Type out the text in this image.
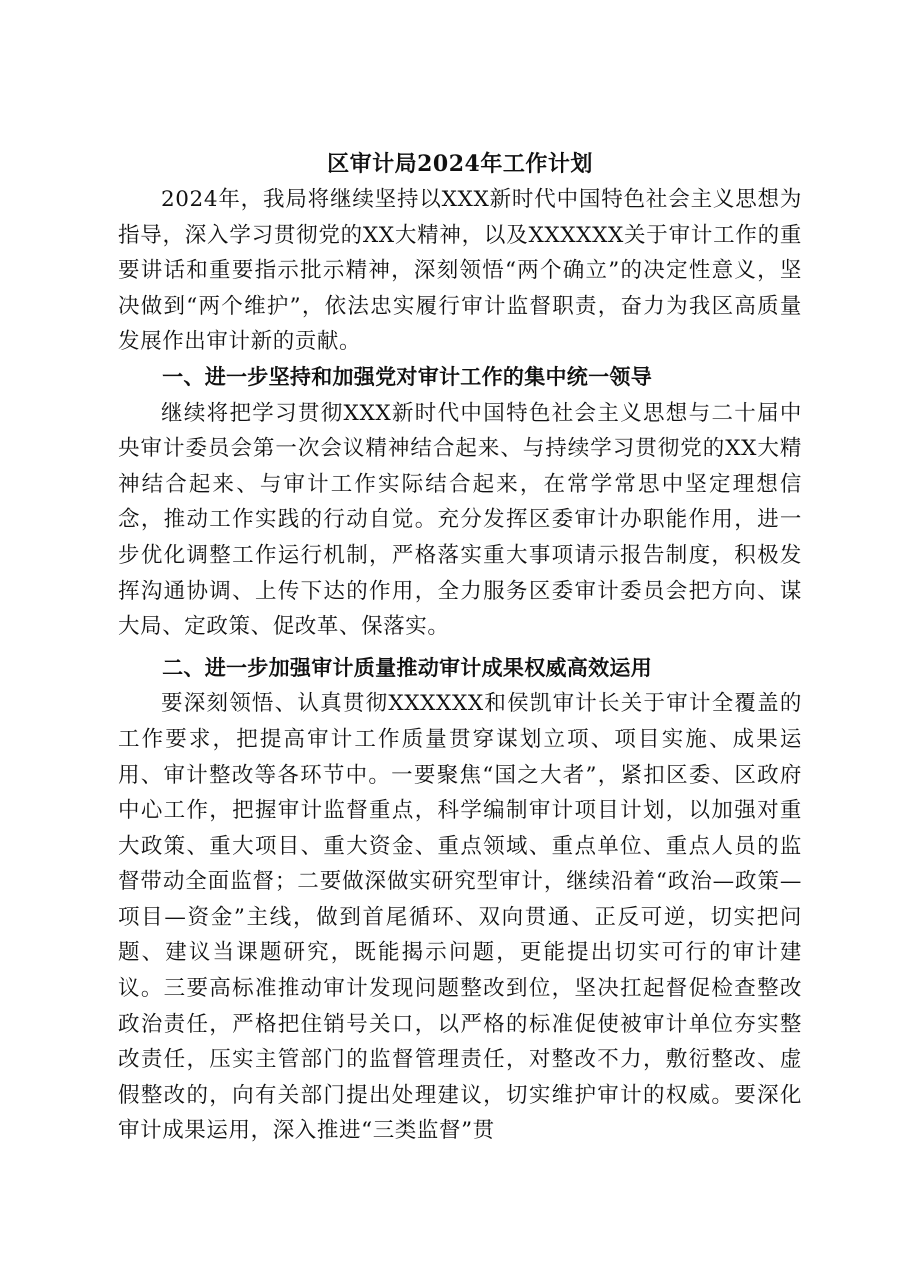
区审计局2024年工作计划

2024年，我局将继续坚持以XXX新时代中国特色社会主义思想为指导，深入学习贯彻党的XX大精神，以及XXXXXX关于审计工作的重要讲话和重要指示批示精神，深刻领悟“两个确立”的决定性意义，坚决做到“两个维护”，依法忠实履行审计监督职责，奋力为我区高质量发展作出审计新的贡献。

一、进一步坚持和加强党对审计工作的集中统一领导

继续将把学习贯彻XXX新时代中国特色社会主义思想与二十届中央审计委员会第一次会议精神结合起来、与持续学习贯彻党的XX大精神结合起来、与审计工作实际结合起来，在常学常思中坚定理想信念，推动工作实践的行动自觉。充分发挥区委审计办职能作用，进一步优化调整工作运行机制，严格落实重大事项请示报告制度，积极发挥沟通协调、上传下达的作用，全力服务区委审计委员会把方向、谋大局、定政策、促改革、保落实。

二、进一步加强审计质量推动审计成果权威高效运用

要深刻领悟、认真贯彻XXXXXX和侯凯审计长关于审计全覆盖的工作要求，把提高审计工作质量贯穿谋划立项、项目实施、成果运用、审计整改等各环节中。一要聚焦“国之大者”，紧扣区委、区政府中心工作，把握审计监督重点，科学编制审计项目计划，以加强对重大政策、重大项目、重大资金、重点领域、重点单位、重点人员的监督带动全面监督；二要做深做实研究型审计，继续沿着“政治—政策—项目—资金”主线，做到首尾循环、双向贯通、正反可逆，切实把问题、建议当课题研究，既能揭示问题，更能提出切实可行的审计建议。三要高标准推动审计发现问题整改到位，坚决扛起督促检查整改政治责任，严格把住销号关口，以严格的标准促使被审计单位夯实整改责任，压实主管部门的监督管理责任，对整改不力，敷衍整改、虚假整改的，向有关部门提出处理建议，切实维护审计的权威。要深化审计成果运用，深入推进“三类监督”贯
